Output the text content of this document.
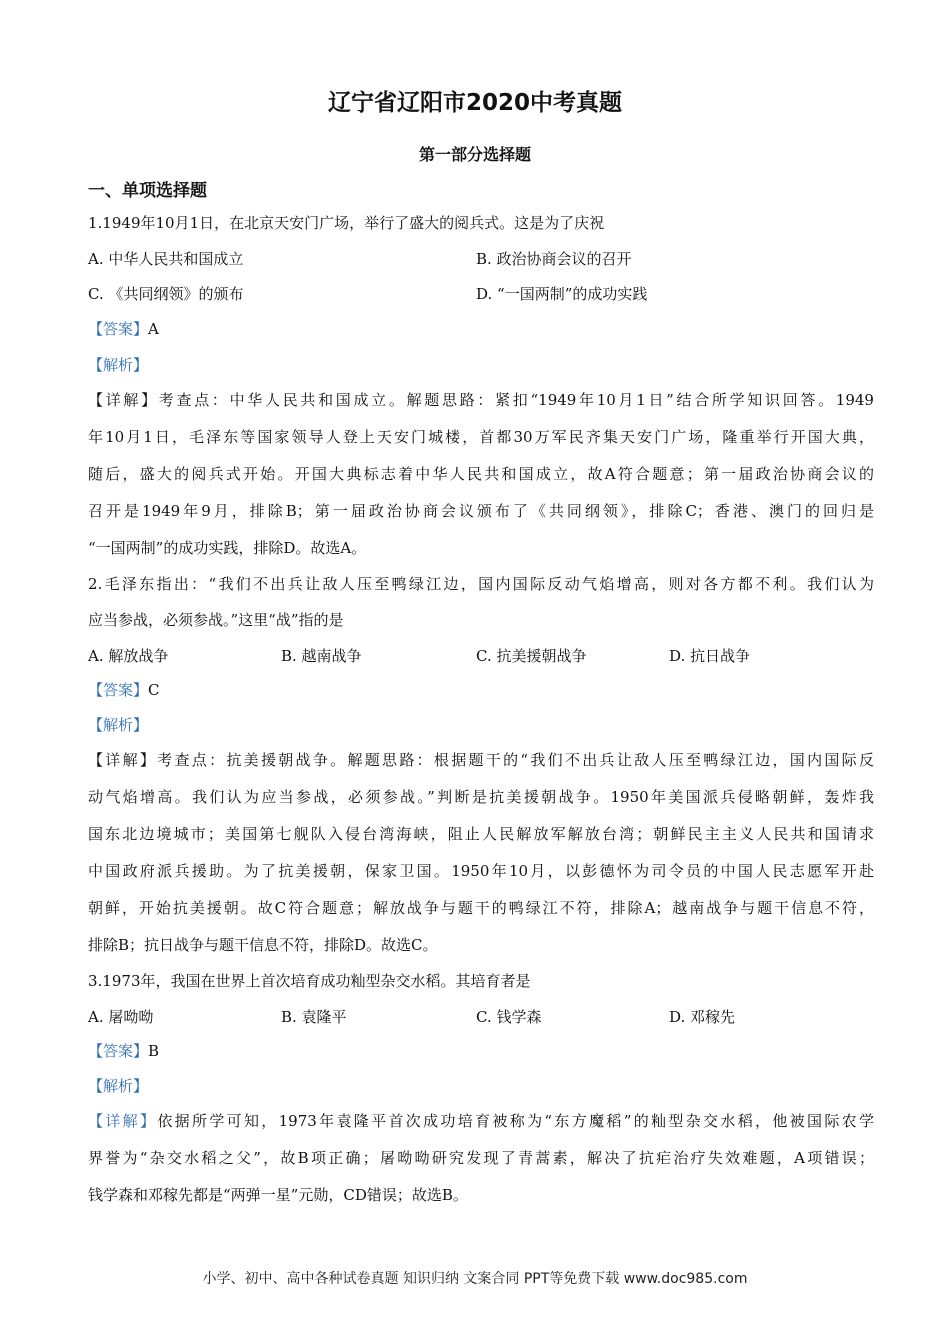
辽宁省辽阳市2020中考真题
第一部分选择题
一、单项选择题
1.1949年10月1日，在北京天安门广场，举行了盛大的阅兵式。这是为了庆祝
A. 中华人民共和国成立	B. 政治协商会议的召开
C. 《共同纲领》的颁布	D. “一国两制”的成功实践
【答案】A
【解析】
【详解】考查点：中华人民共和国成立。解题思路：紧扣“1949年10月1日”结合所学知识回答。1949
年10月1日，毛泽东等国家领导人登上天安门城楼，首都30万军民齐集天安门广场，隆重举行开国大典，
随后，盛大的阅兵式开始。开国大典标志着中华人民共和国成立，故A符合题意；第一届政治协商会议的
召开是1949年9月，排除B；第一届政治协商会议颁布了《共同纲领》，排除C；香港、澳门的回归是
“一国两制”的成功实践，排除D。故选A。
2.毛泽东指出：“我们不出兵让敌人压至鸭绿江边，国内国际反动气焰增高，则对各方都不利。我们认为
应当参战，必须参战。”这里“战”指的是
A. 解放战争	B. 越南战争	C. 抗美援朝战争	D. 抗日战争
【答案】C
【解析】
【详解】考查点：抗美援朝战争。解题思路：根据题干的“我们不出兵让敌人压至鸭绿江边，国内国际反
动气焰增高。我们认为应当参战，必须参战。”判断是抗美援朝战争。1950年美国派兵侵略朝鲜，轰炸我
国东北边境城市；美国第七舰队入侵台湾海峡，阻止人民解放军解放台湾；朝鲜民主主义人民共和国请求
中国政府派兵援助。为了抗美援朝，保家卫国。1950年10月，以彭德怀为司令员的中国人民志愿军开赴
朝鲜，开始抗美援朝。故C符合题意；解放战争与题干的鸭绿江不符，排除A；越南战争与题干信息不符，
排除B；抗日战争与题干信息不符，排除D。故选C。
3.1973年，我国在世界上首次培育成功籼型杂交水稻。其培育者是
A. 屠呦呦	B. 袁隆平	C. 钱学森	D. 邓稼先
【答案】B
【解析】
【详解】依据所学可知，1973年袁隆平首次成功培育被称为“东方魔稻”的籼型杂交水稻，他被国际农学
界誉为“杂交水稻之父”，故B项正确；屠呦呦研究发现了青蒿素，解决了抗疟治疗失效难题，A项错误；
钱学森和邓稼先都是“两弹一星”元勋，CD错误；故选B。
小学、初中、高中各种试卷真题 知识归纳 文案合同 PPT等免费下载 www.doc985.com
